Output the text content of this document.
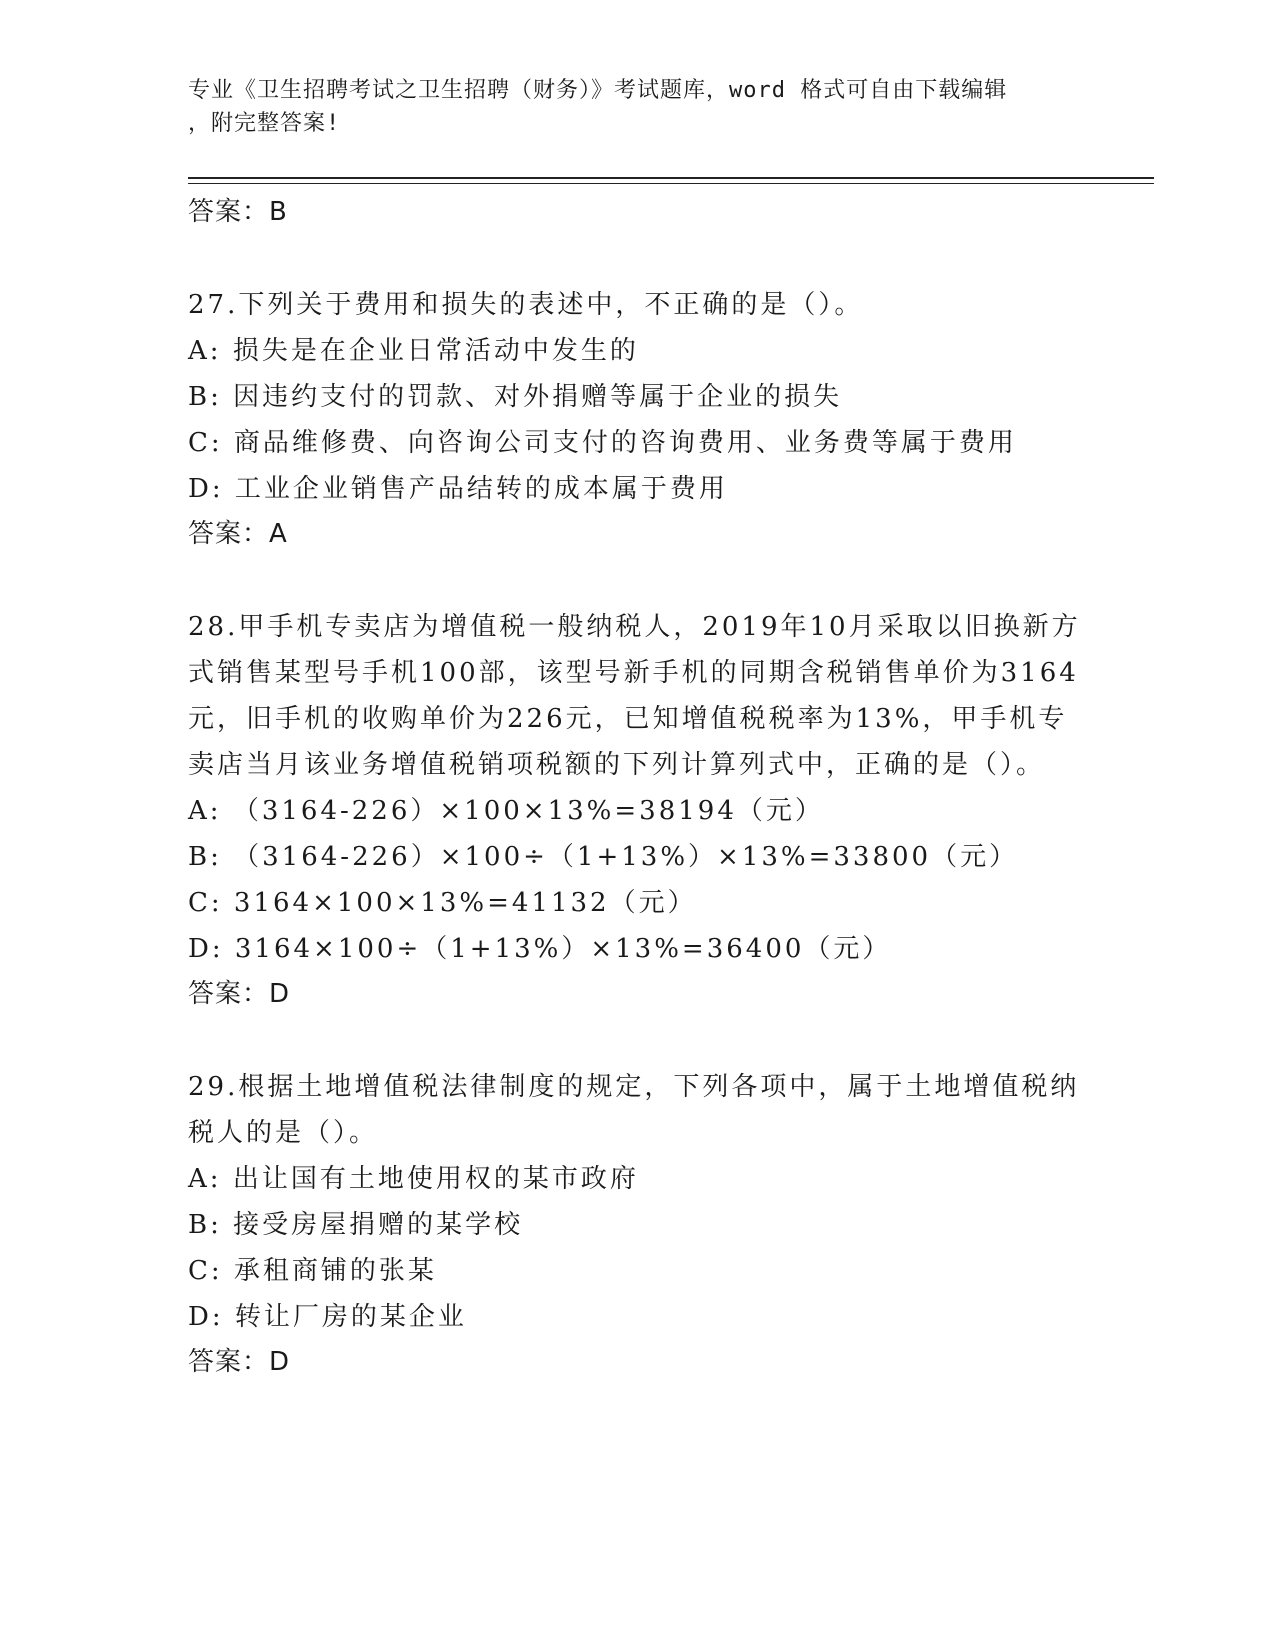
专业《卫生招聘考试之卫生招聘（财务）》考试题库，word 格式可自由下载编辑
，附完整答案!
答案：B
27.下列关于费用和损失的表述中，不正确的是（）。
A: 损失是在企业日常活动中发生的
B: 因违约支付的罚款、对外捐赠等属于企业的损失
C: 商品维修费、向咨询公司支付的咨询费用、业务费等属于费用
D: 工业企业销售产品结转的成本属于费用
答案：A
28.甲手机专卖店为增值税一般纳税人，2019年10月采取以旧换新方式销售某型号手机100部，该型号新手机的同期含税销售单价为3164元，旧手机的收购单价为226元，已知增值税税率为13%，甲手机专卖店当月该业务增值税销项税额的下列计算列式中，正确的是（）。
A: （3164-226）×100×13%=38194（元）
B: （3164-226）×100÷（1+13%）×13%=33800（元）
C: 3164×100×13%=41132（元）
D: 3164×100÷（1+13%）×13%=36400（元）
答案：D
29.根据土地增值税法律制度的规定，下列各项中，属于土地增值税纳税人的是（）。
A: 出让国有土地使用权的某市政府
B: 接受房屋捐赠的某学校
C: 承租商铺的张某
D: 转让厂房的某企业
答案：D
